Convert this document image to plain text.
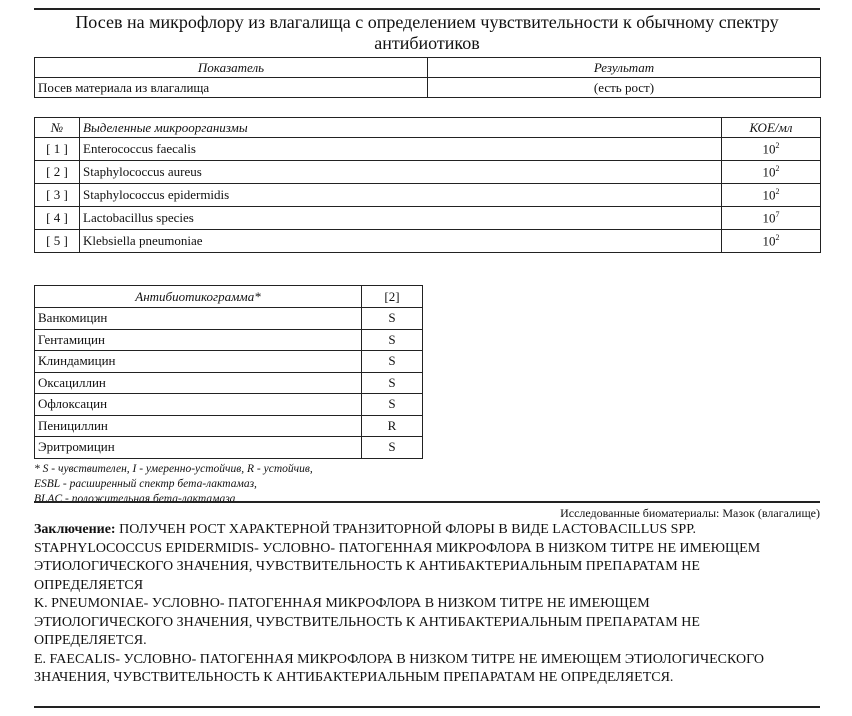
Посев на микрофлору из влагалища с определением чувствительности к обычному спектру антибиотиков
Показатель	Результат
Посев материала из влагалища	(есть рост)
№	Выделенные микроорганизмы	КОЕ/мл
[ 1 ]	Enterococcus faecalis	$10^2$
[ 2 ]	Staphylococcus aureus	$10^2$
[ 3 ]	Staphylococcus epidermidis	$10^2$
[ 4 ]	Lactobacillus species	$10^7$
[ 5 ]	Klebsiella pneumoniae	$10^2$
Антибиотикограмма*	[2]
Ванкомицин	S
Гентамицин	S
Клиндамицин	S
Оксациллин	S
Офлоксацин	S
Пенициллин	R
Эритромицин	S
* S - чувствителен, I - умеренно-устойчив, R - устойчив,
ESBL - расширенный спектр бета-лактамаз,
BLAC - положительная бета-лактамаза
Исследованные биоматериалы: Мазок (влагалище)
Заключение: ПОЛУЧЕН РОСТ ХАРАКТЕРНОЙ ТРАНЗИТОРНОЙ ФЛОРЫ В ВИДЕ LACTOBACILLUS SPP.
STAPHYLOCOCCUS EPIDERMIDIS- УСЛОВНО- ПАТОГЕННАЯ МИКРОФЛОРА В НИЗКОМ ТИТРЕ НЕ ИМЕЮЩЕМ
ЭТИОЛОГИЧЕСКОГО ЗНАЧЕНИЯ, ЧУВСТВИТЕЛЬНОСТЬ К АНТИБАКТЕРИАЛЬНЫМ ПРЕПАРАТАМ НЕ
ОПРЕДЕЛЯЕТСЯ
K. PNEUMONIAE- УСЛОВНО- ПАТОГЕННАЯ МИКРОФЛОРА В НИЗКОМ ТИТРЕ НЕ ИМЕЮЩЕМ
ЭТИОЛОГИЧЕСКОГО ЗНАЧЕНИЯ, ЧУВСТВИТЕЛЬНОСТЬ К АНТИБАКТЕРИАЛЬНЫМ ПРЕПАРАТАМ НЕ
ОПРЕДЕЛЯЕТСЯ.
E. FAECALIS- УСЛОВНО- ПАТОГЕННАЯ МИКРОФЛОРА В НИЗКОМ ТИТРЕ НЕ ИМЕЮЩЕМ ЭТИОЛОГИЧЕСКОГО
ЗНАЧЕНИЯ, ЧУВСТВИТЕЛЬНОСТЬ К АНТИБАКТЕРИАЛЬНЫМ ПРЕПАРАТАМ НЕ ОПРЕДЕЛЯЕТСЯ.
